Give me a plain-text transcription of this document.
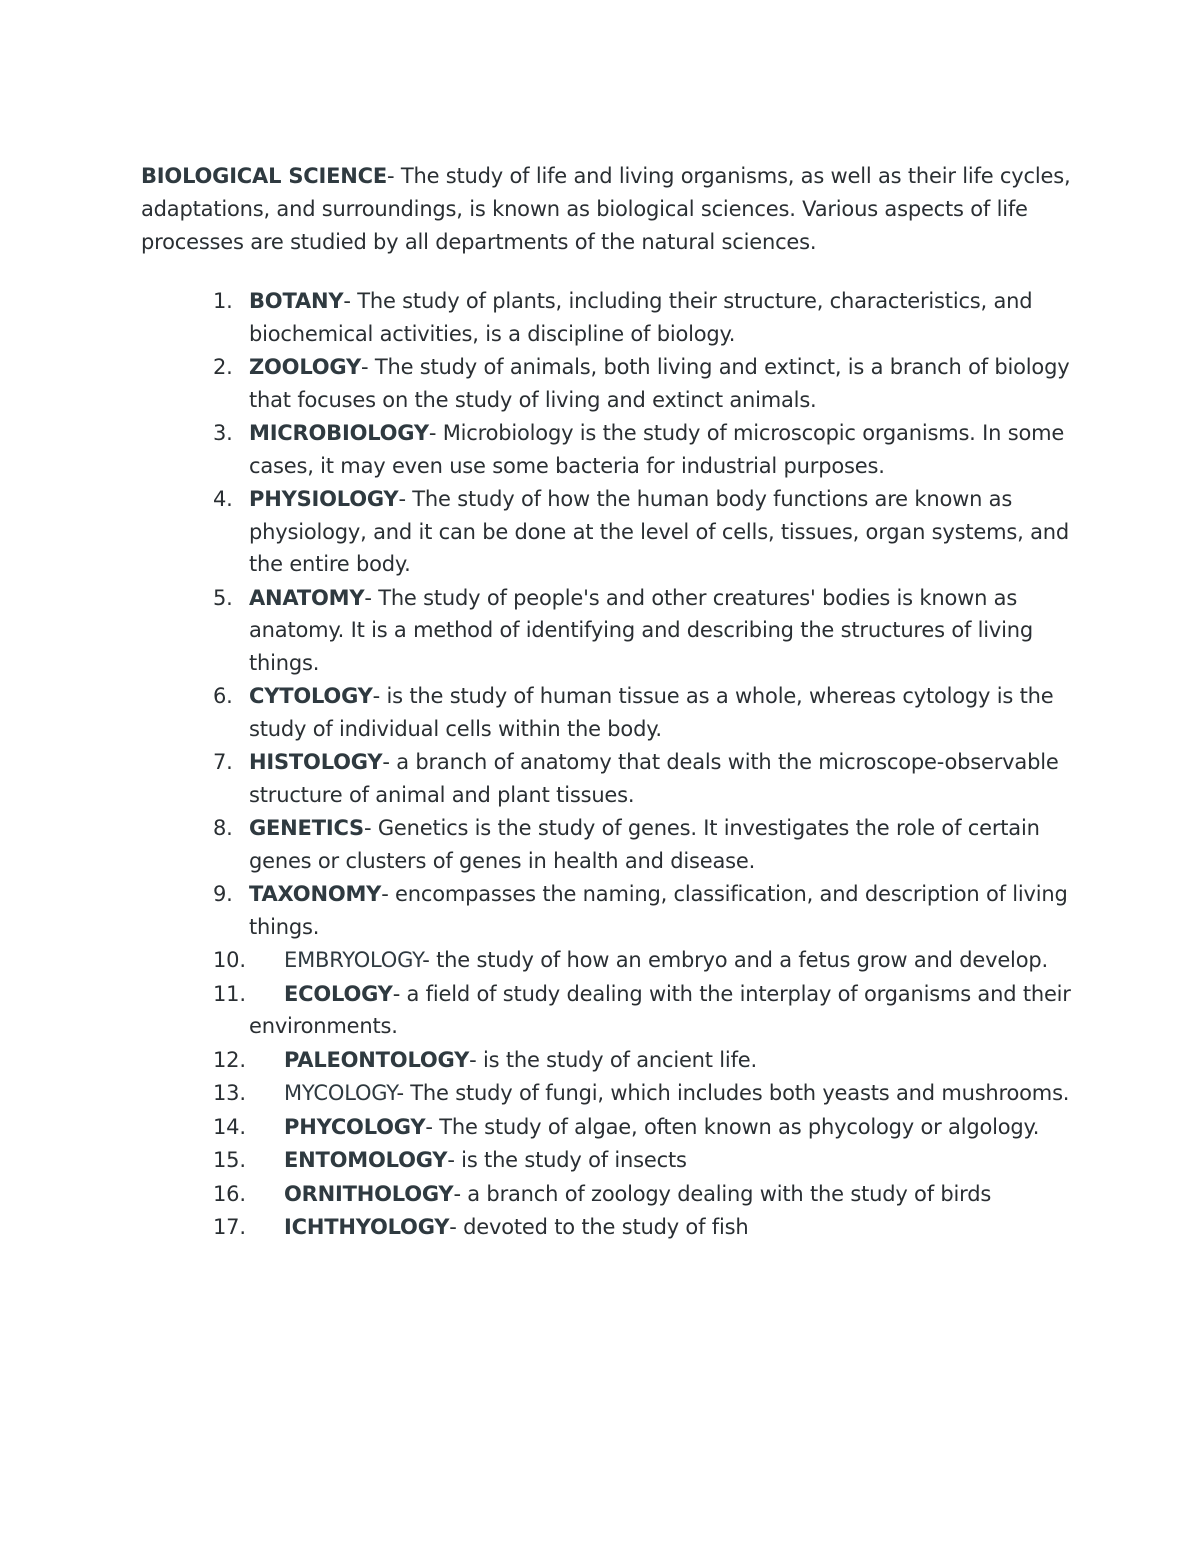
BIOLOGICAL SCIENCE- The study of life and living organisms, as well as their life cycles, adaptations, and surroundings, is known as biological sciences. Various aspects of life processes are studied by all departments of the natural sciences.

1. BOTANY- The study of plants, including their structure, characteristics, and biochemical activities, is a discipline of biology.
2. ZOOLOGY- The study of animals, both living and extinct, is a branch of biology that focuses on the study of living and extinct animals.
3. MICROBIOLOGY- Microbiology is the study of microscopic organisms. In some cases, it may even use some bacteria for industrial purposes.
4. PHYSIOLOGY- The study of how the human body functions are known as physiology, and it can be done at the level of cells, tissues, organ systems, and the entire body.
5. ANATOMY- The study of people's and other creatures' bodies is known as anatomy. It is a method of identifying and describing the structures of living things.
6. CYTOLOGY- is the study of human tissue as a whole, whereas cytology is the study of individual cells within the body.
7. HISTOLOGY- a branch of anatomy that deals with the microscope-observable structure of animal and plant tissues.
8. GENETICS- Genetics is the study of genes. It investigates the role of certain genes or clusters of genes in health and disease.
9. TAXONOMY- encompasses the naming, classification, and description of living things.
10. EMBRYOLOGY- the study of how an embryo and a fetus grow and develop.
11. ECOLOGY- a field of study dealing with the interplay of organisms and their environments.
12. PALEONTOLOGY- is the study of ancient life.
13. MYCOLOGY- The study of fungi, which includes both yeasts and mushrooms.
14. PHYCOLOGY- The study of algae, often known as phycology or algology.
15. ENTOMOLOGY- is the study of insects
16. ORNITHOLOGY- a branch of zoology dealing with the study of birds
17. ICHTHYOLOGY- devoted to the study of fish
